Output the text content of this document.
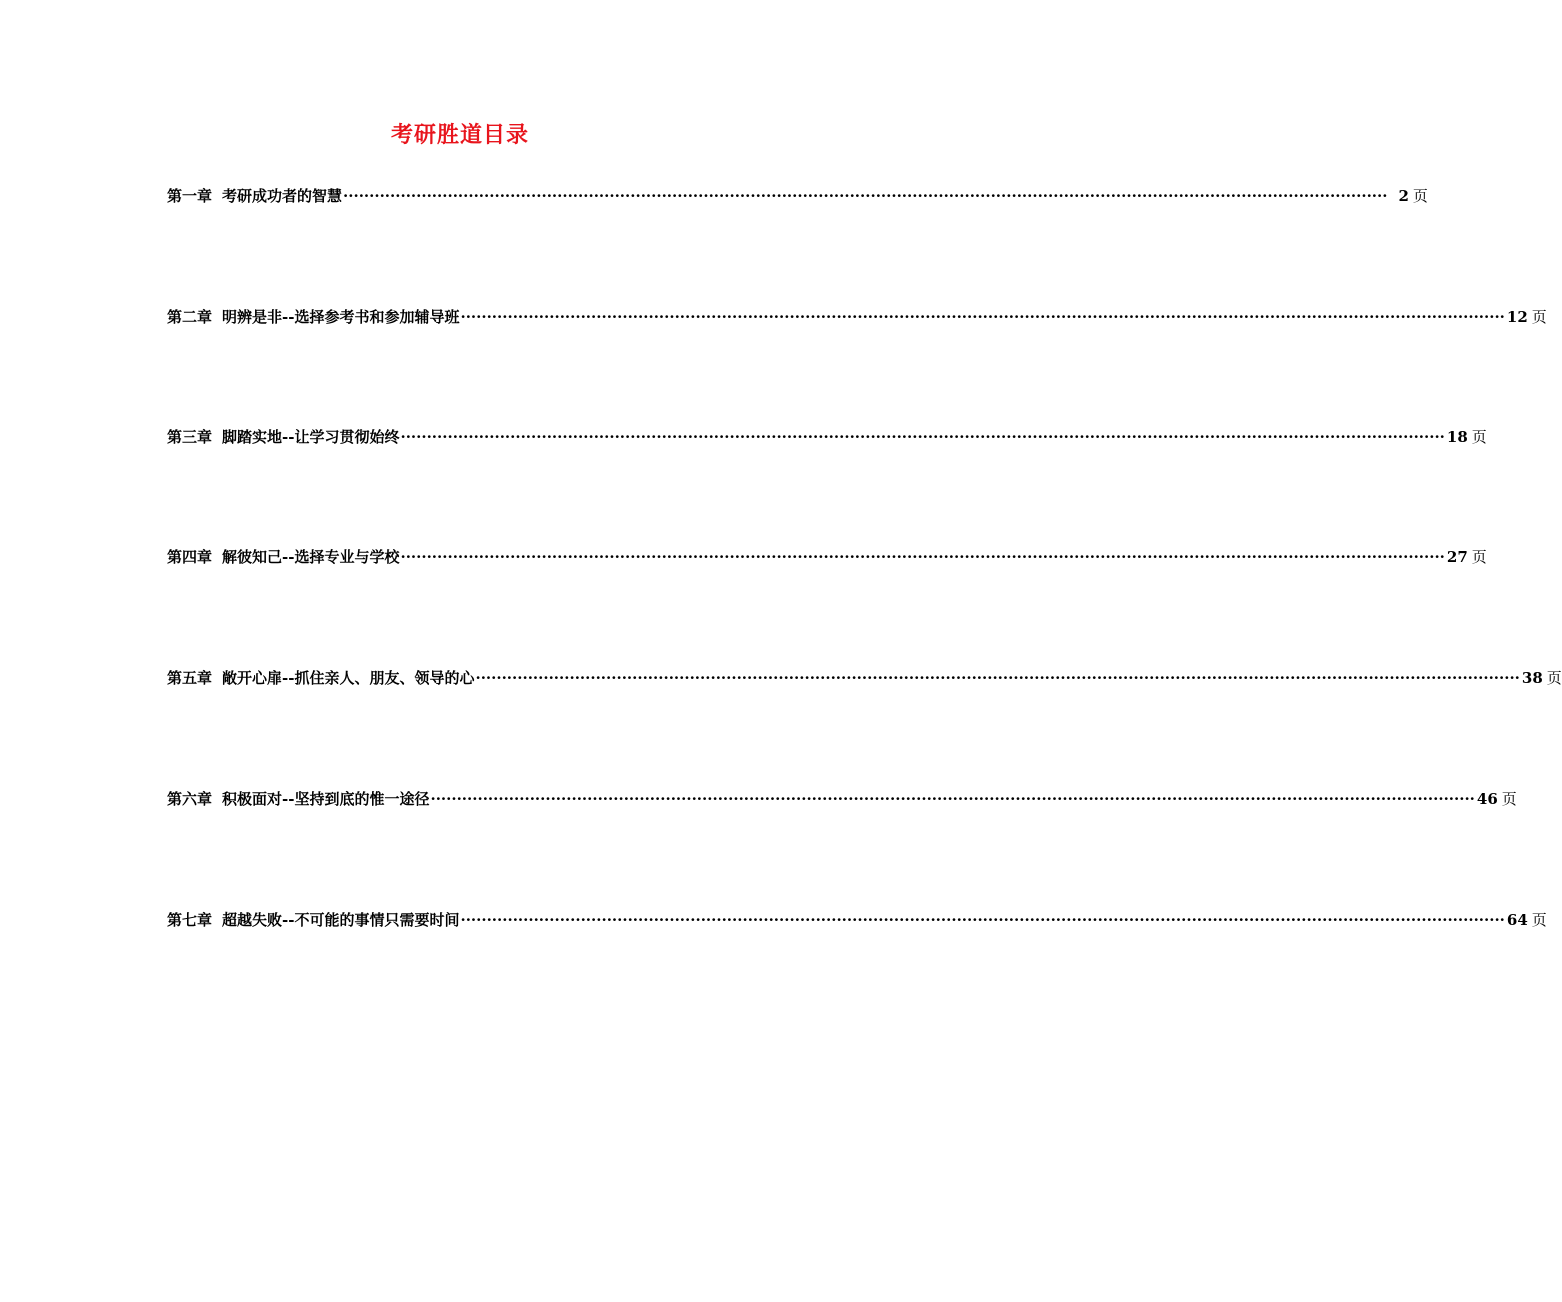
考研胜道目录
第一章 考研成功者的智慧 ········································································································································································································ 2 页
第二章 明辨是非--选择参考书和参加辅导班 ········································································································································································································ 12 页
第三章 脚踏实地--让学习贯彻始终 ········································································································································································································ 18 页
第四章 解彼知己--选择专业与学校 ········································································································································································································ 27 页
第五章 敞开心扉--抓住亲人、朋友、领导的心 ········································································································································································································ 38 页
第六章 积极面对--坚持到底的惟一途径 ········································································································································································································ 46 页
第七章 超越失败--不可能的事情只需要时间 ········································································································································································································ 64 页
